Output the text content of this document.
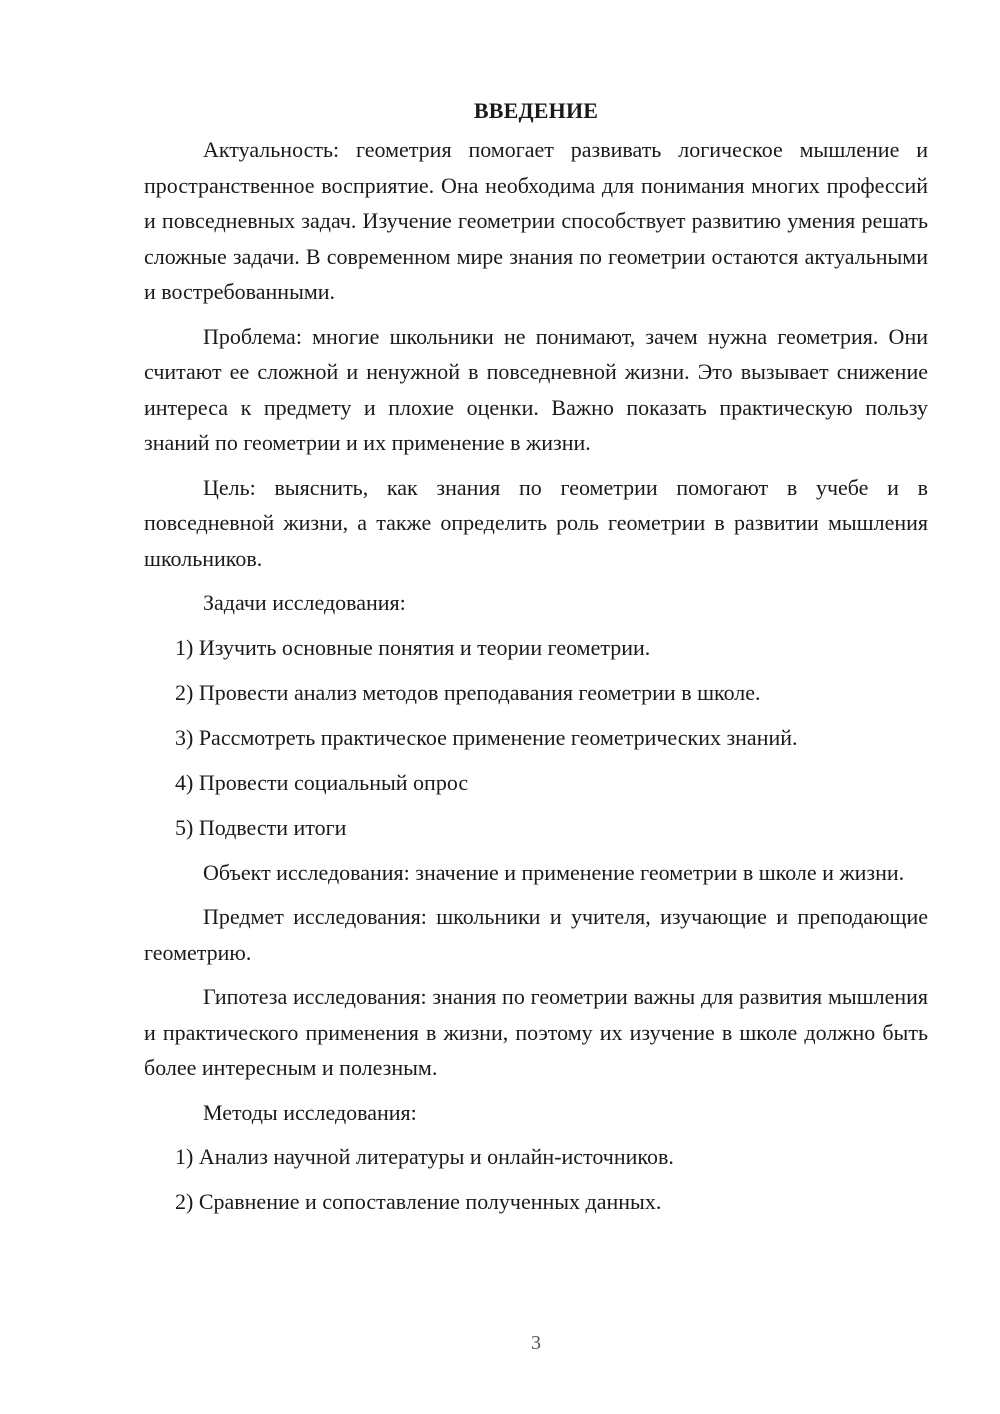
ВВЕДЕНИЕ

Актуальность: геометрия помогает развивать логическое мышление и пространственное восприятие. Она необходима для понимания многих профессий и повседневных задач. Изучение геометрии способствует развитию умения решать сложные задачи. В современном мире знания по геометрии остаются актуальными и востребованными.

Проблема: многие школьники не понимают, зачем нужна геометрия. Они считают ее сложной и ненужной в повседневной жизни. Это вызывает снижение интереса к предмету и плохие оценки. Важно показать практическую пользу знаний по геометрии и их применение в жизни.

Цель: выяснить, как знания по геометрии помогают в учебе и в повседневной жизни, а также определить роль геометрии в развитии мышления школьников.

Задачи исследования:

1) Изучить основные понятия и теории геометрии.
2) Провести анализ методов преподавания геометрии в школе.
3) Рассмотреть практическое применение геометрических знаний.
4) Провести социальный опрос
5) Подвести итоги

Объект исследования: значение и применение геометрии в школе и жизни.

Предмет исследования: школьники и учителя, изучающие и преподающие геометрию.

Гипотеза исследования: знания по геометрии важны для развития мышления и практического применения в жизни, поэтому их изучение в школе должно быть более интересным и полезным.

Методы исследования:

1) Анализ научной литературы и онлайн-источников.
2) Сравнение и сопоставление полученных данных.
3
